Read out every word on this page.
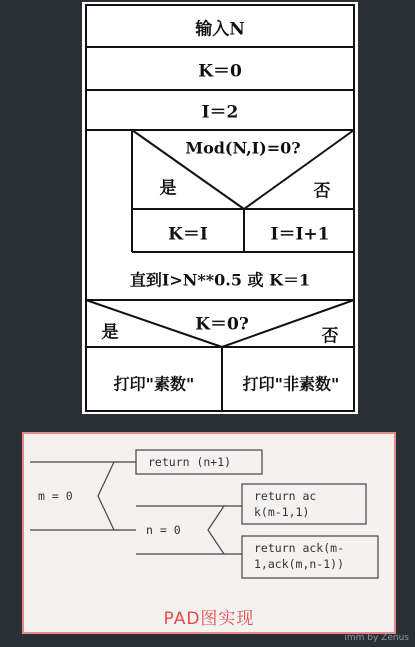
输入N
K＝0
I＝2
Mod(N,I)=0?
是	否
K＝I	I＝I+1
直到I>N**0.5 或 K＝1
K＝0?
是	否
打印"素数"	打印"非素数"
m = 0
return (n+1)
n = 0
return ac
k(m-1,1)
return ack(m-
1,ack(m,n-1))
PAD图实现
imm by Zenus
